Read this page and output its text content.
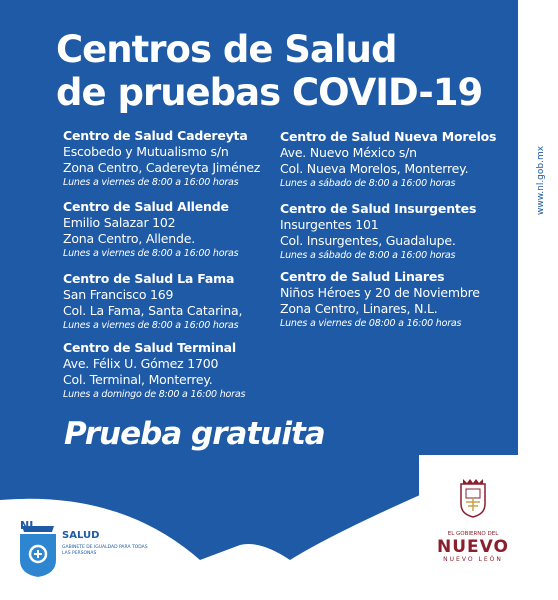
Centros de Salud
de pruebas COVID-19
Centro de Salud Cadereyta
Escobedo y Mutualismo s/n
Zona Centro, Cadereyta Jiménez
Lunes a viernes de 8:00 a 16:00 horas
Centro de Salud Allende
Emilio Salazar 102
Zona Centro, Allende.
Lunes a viernes de 8:00 a 16:00 horas
Centro de Salud La Fama
San Francisco 169
Col. La Fama, Santa Catarina,
Lunes a viernes de 8:00 a 16:00 horas
Centro de Salud Terminal
Ave. Félix U. Gómez 1700
Col. Terminal, Monterrey.
Lunes a domingo de 8:00 a 16:00 horas
Centro de Salud Nueva Morelos
Ave. Nuevo México s/n
Col. Nueva Morelos, Monterrey.
Lunes a sábado de 8:00 a 16:00 horas
Centro de Salud Insurgentes
Insurgentes 101
Col. Insurgentes, Guadalupe.
Lunes a sábado de 8:00 a 16:00 horas
Centro de Salud Linares
Niños Héroes y 20 de Noviembre
Zona Centro, Linares, N.L.
Lunes a viernes de 08:00 a 16:00 horas
Prueba gratuita
www.nl.gob.mx
NL
SALUD
GABINETE DE IGUALDAD PARA TODAS LAS PERSONAS
EL GOBIERNO DEL
NUEVO
NUEVO LEÓN
